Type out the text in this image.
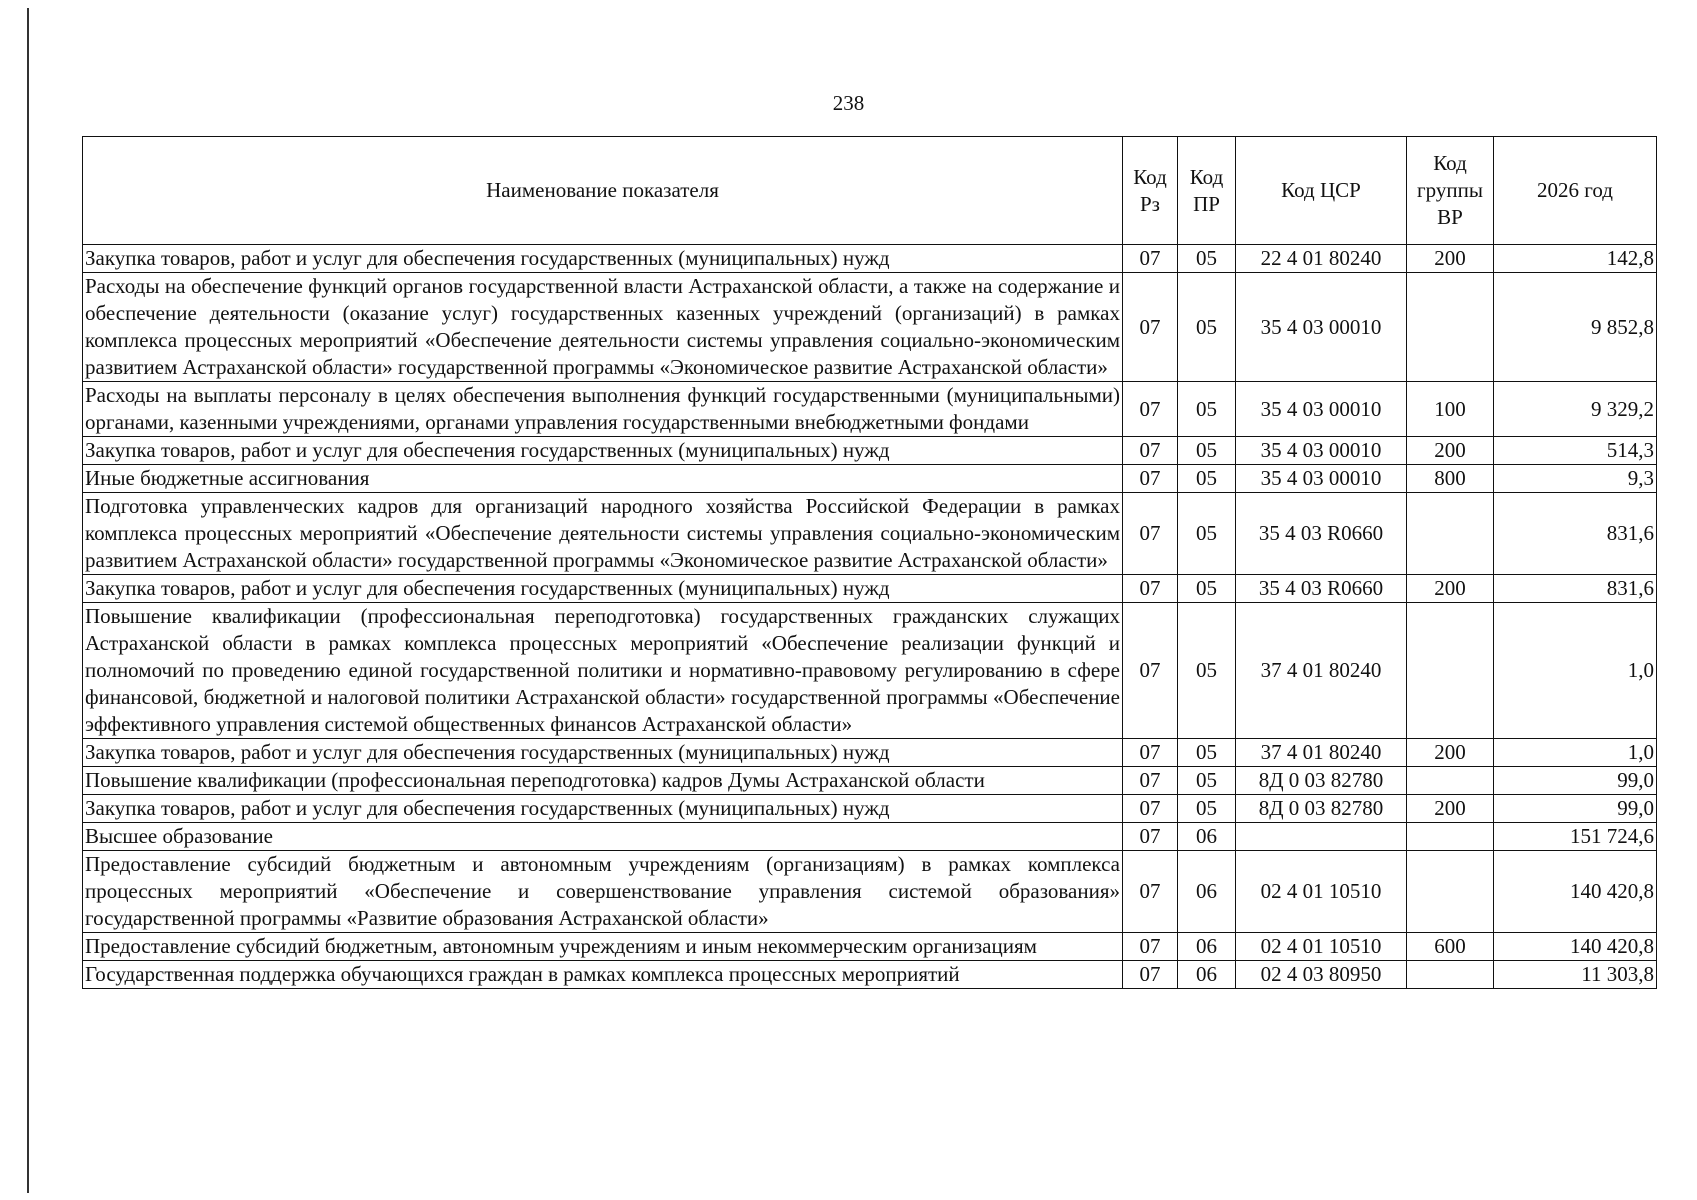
238
Наименование показателя	Код Рз	Код ПР	Код ЦСР	Код группы ВР	2026 год
Закупка товаров, работ и услуг для обеспечения государственных (муниципальных) нужд	07	05	22 4 01 80240	200	142,8
Расходы на обеспечение функций органов государственной власти Астраханской области, а также на содержание и обеспечение деятельности (оказание услуг) государственных казенных учреждений (организаций) в рамках комплекса процессных мероприятий «Обеспечение деятельности системы управления социально-экономическим развитием Астраханской области» государственной программы «Экономическое развитие Астраханской области»	07	05	35 4 03 00010		9 852,8
Расходы на выплаты персоналу в целях обеспечения выполнения функций государственными (муниципальными) органами, казенными учреждениями, органами управления государственными внебюджетными фондами	07	05	35 4 03 00010	100	9 329,2
Закупка товаров, работ и услуг для обеспечения государственных (муниципальных) нужд	07	05	35 4 03 00010	200	514,3
Иные бюджетные ассигнования	07	05	35 4 03 00010	800	9,3
Подготовка управленческих кадров для организаций народного хозяйства Российской Федерации в рамках комплекса процессных мероприятий «Обеспечение деятельности системы управления социально-экономическим развитием Астраханской области» государственной программы «Экономическое развитие Астраханской области»	07	05	35 4 03 R0660		831,6
Закупка товаров, работ и услуг для обеспечения государственных (муниципальных) нужд	07	05	35 4 03 R0660	200	831,6
Повышение квалификации (профессиональная переподготовка) государственных гражданских служащих Астраханской области в рамках комплекса процессных мероприятий «Обеспечение реализации функций и полномочий по проведению единой государственной политики и нормативно-правовому регулированию в сфере финансовой, бюджетной и налоговой политики Астраханской области» государственной программы «Обеспечение эффективного управления системой общественных финансов Астраханской области»	07	05	37 4 01 80240		1,0
Закупка товаров, работ и услуг для обеспечения государственных (муниципальных) нужд	07	05	37 4 01 80240	200	1,0
Повышение квалификации (профессиональная переподготовка) кадров Думы Астраханской области	07	05	8Д 0 03 82780		99,0
Закупка товаров, работ и услуг для обеспечения государственных (муниципальных) нужд	07	05	8Д 0 03 82780	200	99,0
Высшее образование	07	06			151 724,6
Предоставление субсидий бюджетным и автономным учреждениям (организациям) в рамках комплекса процессных мероприятий «Обеспечение и совершенствование управления системой образования» государственной программы «Развитие образования Астраханской области»	07	06	02 4 01 10510		140 420,8
Предоставление субсидий бюджетным, автономным учреждениям и иным некоммерческим организациям	07	06	02 4 01 10510	600	140 420,8
Государственная поддержка обучающихся граждан в рамках комплекса процессных мероприятий	07	06	02 4 03 80950		11 303,8
